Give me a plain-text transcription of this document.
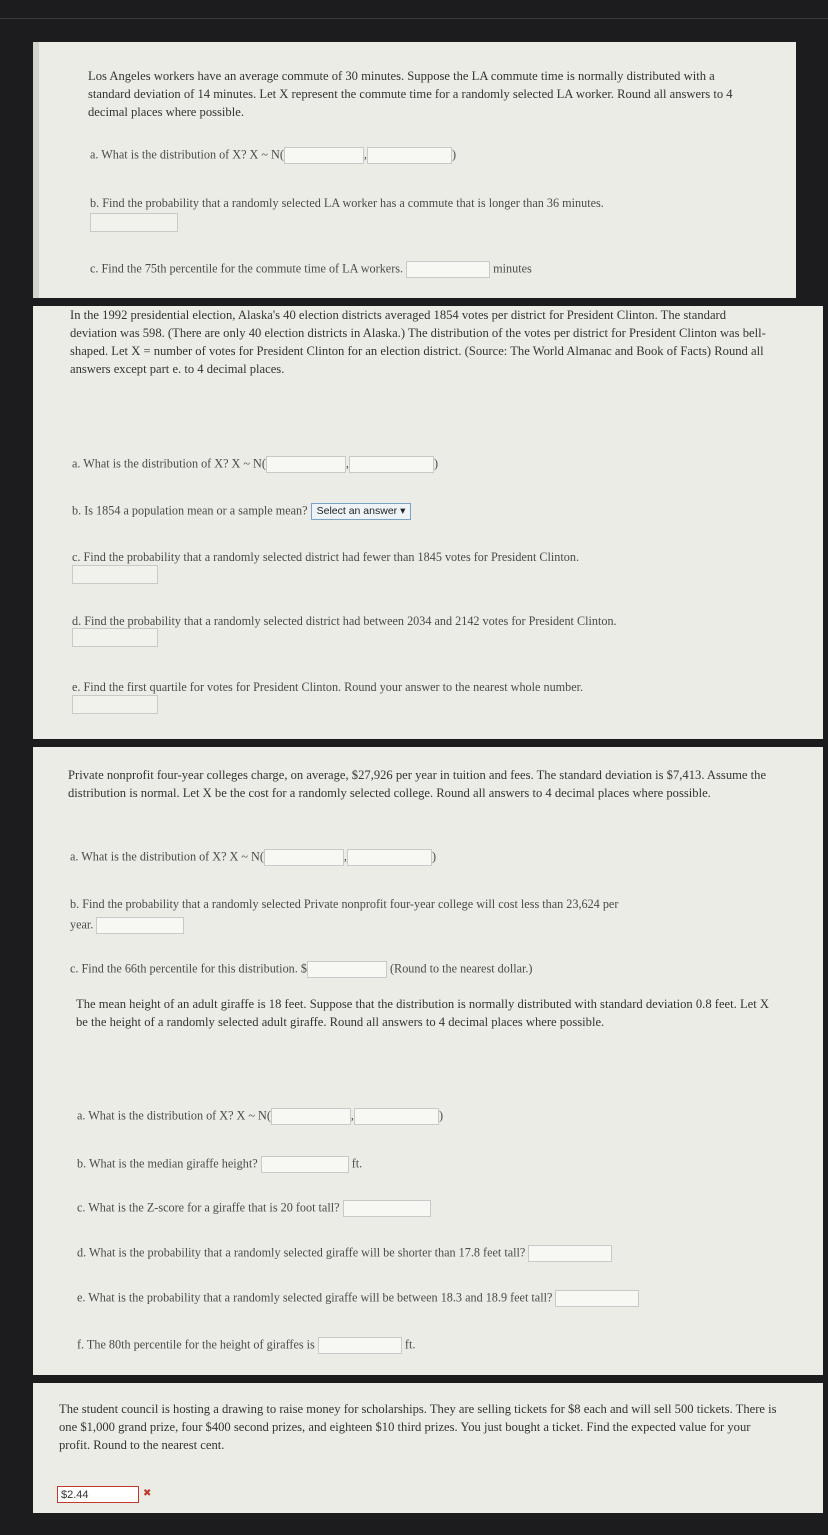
Los Angeles workers have an average commute of 30 minutes. Suppose the LA commute time is normally distributed with a standard deviation of 14 minutes. Let X represent the commute time for a randomly selected LA worker. Round all answers to 4 decimal places where possible.

a. What is the distribution of X? X ~ N(	,	)
b. Find the probability that a randomly selected LA worker has a commute that is longer than 36 minutes.
c. Find the 75th percentile for the commute time of LA workers.	minutes

In the 1992 presidential election, Alaska's 40 election districts averaged 1854 votes per district for President Clinton. The standard deviation was 598. (There are only 40 election districts in Alaska.) The distribution of the votes per district for President Clinton was bell-shaped. Let X = number of votes for President Clinton for an election district. (Source: The World Almanac and Book of Facts) Round all answers except part e. to 4 decimal places.

a. What is the distribution of X? X ~ N(	,	)
b. Is 1854 a population mean or a sample mean? Select an answer ▾
c. Find the probability that a randomly selected district had fewer than 1845 votes for President Clinton.
d. Find the probability that a randomly selected district had between 2034 and 2142 votes for President Clinton.
e. Find the first quartile for votes for President Clinton. Round your answer to the nearest whole number.

Private nonprofit four-year colleges charge, on average, $27,926 per year in tuition and fees. The standard deviation is $7,413. Assume the distribution is normal. Let X be the cost for a randomly selected college. Round all answers to 4 decimal places where possible.

a. What is the distribution of X? X ~ N(	,	)
b. Find the probability that a randomly selected Private nonprofit four-year college will cost less than 23,624 per
year.
c. Find the 66th percentile for this distribution. $	(Round to the nearest dollar.)

The mean height of an adult giraffe is 18 feet. Suppose that the distribution is normally distributed with standard deviation 0.8 feet. Let X be the height of a randomly selected adult giraffe. Round all answers to 4 decimal places where possible.

a. What is the distribution of X? X ~ N(	,	)
b. What is the median giraffe height?	ft.
c. What is the Z-score for a giraffe that is 20 foot tall?
d. What is the probability that a randomly selected giraffe will be shorter than 17.8 feet tall?
e. What is the probability that a randomly selected giraffe will be between 18.3 and 18.9 feet tall?
f. The 80th percentile for the height of giraffes is	ft.

The student council is hosting a drawing to raise money for scholarships. They are selling tickets for $8 each and will sell 500 tickets. There is one $1,000 grand prize, four $400 second prizes, and eighteen $10 third prizes. You just bought a ticket. Find the expected value for your profit. Round to the nearest cent.

$2.44	✖
